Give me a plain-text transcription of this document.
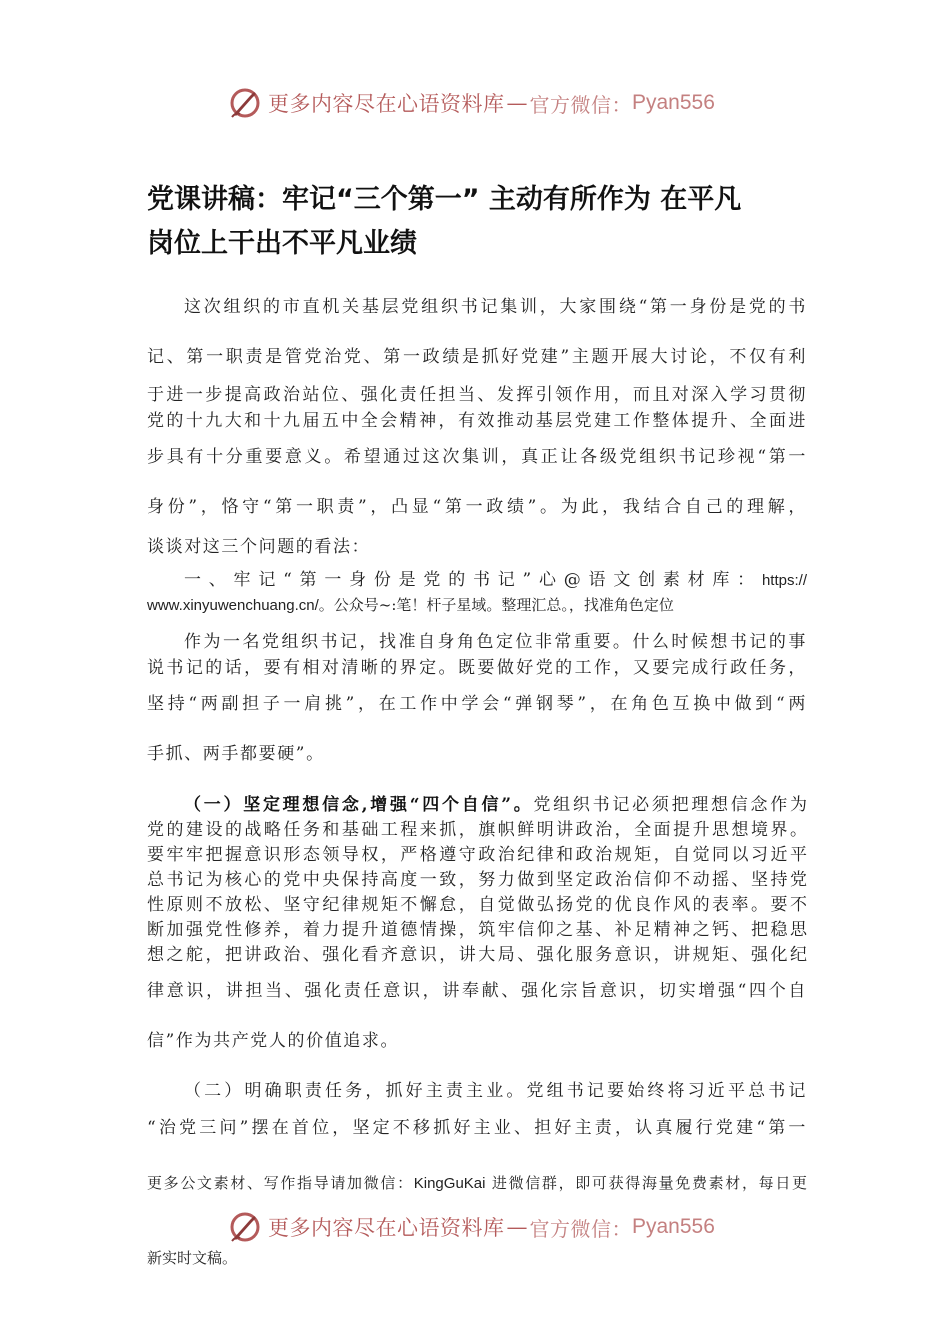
更多内容尽在心语资料库 — 官方微信： Pyan556
党课讲稿：牢记“三个第一” 主动有所作为 在平凡
岗位上干出不平凡业绩
这次组织的市直机关基层党组织书记集训，大家围绕“第一身份是党的书
记、第一职责是管党治党、第一政绩是抓好党建”主题开展大讨论，不仅有利
于进一步提高政治站位、强化责任担当、发挥引领作用，而且对深入学习贯彻
党的十九大和十九届五中全会精神，有效推动基层党建工作整体提升、全面进
步具有十分重要意义。希望通过这次集训，真正让各级党组织书记珍视“第一
身份”，恪守“第一职责”，凸显“第一政绩”。为此，我结合自己的理解，
谈谈对这三个问题的看法：
一、牢记“第一身份是党的书记”心@语文创素材库：https://
www.xinyuwenchuang.cn/。公众号~:笔！杆子星域。整理汇总。，找准角色定位
作为一名党组织书记，找准自身角色定位非常重要。什么时候想书记的事
说书记的话，要有相对清晰的界定。既要做好党的工作，又要完成行政任务，
坚持“两副担子一肩挑”，在工作中学会“弹钢琴”，在角色互换中做到“两
手抓、两手都要硬”。
（一）坚定理想信念,增强“四个自信”。党组织书记必须把理想信念作为
党的建设的战略任务和基础工程来抓，旗帜鲜明讲政治，全面提升思想境界。
要牢牢把握意识形态领导权，严格遵守政治纪律和政治规矩，自觉同以习近平
总书记为核心的党中央保持高度一致，努力做到坚定政治信仰不动摇、坚持党
性原则不放松、坚守纪律规矩不懈怠，自觉做弘扬党的优良作风的表率。要不
断加强党性修养，着力提升道德情操，筑牢信仰之基、补足精神之钙、把稳思
想之舵，把讲政治、强化看齐意识，讲大局、强化服务意识，讲规矩、强化纪
律意识，讲担当、强化责任意识，讲奉献、强化宗旨意识，切实增强“四个自
信”作为共产党人的价值追求。
（二）明确职责任务，抓好主责主业。党组书记要始终将习近平总书记
“治党三问”摆在首位，坚定不移抓好主业、担好主责，认真履行党建“第一
更多公文素材、写作指导请加微信：KingGuKai 进微信群，即可获得海量免费素材，每日更
更多内容尽在心语资料库 — 官方微信： Pyan556
新实时文稿。
